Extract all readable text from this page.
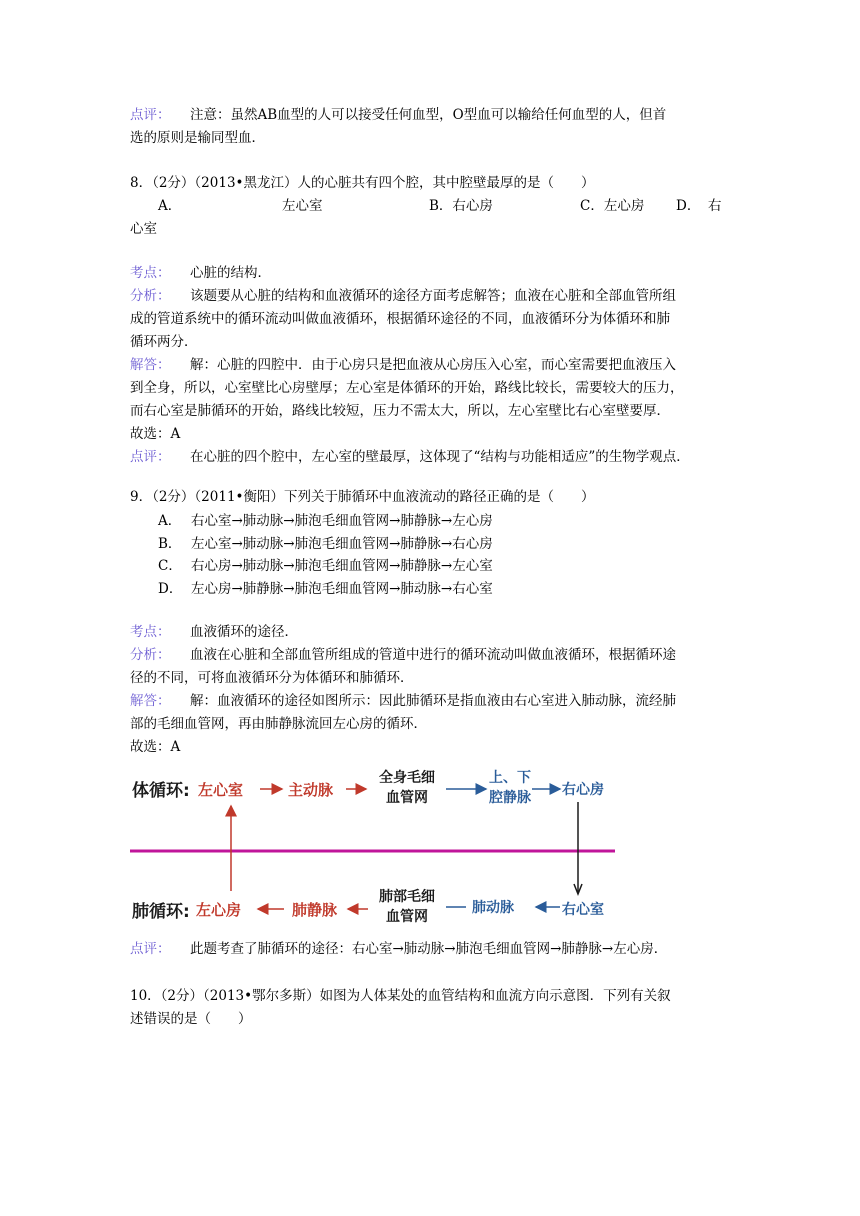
点评： 注意：虽然AB血型的人可以接受任何血型，O型血可以输给任何血型的人，但首
选的原则是输同型血．
8．（2分）（2013•黑龙江）人的心脏共有四个腔，其中腔壁最厚的是（　　）
A．	左心室	B．右心房	C．左心房 D． 右
心室
考点： 心脏的结构．
分析： 该题要从心脏的结构和血液循环的途径方面考虑解答；血液在心脏和全部血管所组
成的管道系统中的循环流动叫做血液循环，根据循环途径的不同，血液循环分为体循环和肺
循环两分．
解答： 解：心脏的四腔中．由于心房只是把血液从心房压入心室，而心室需要把血液压入
到全身，所以，心室壁比心房壁厚；左心室是体循环的开始，路线比较长，需要较大的压力，
而右心室是肺循环的开始，路线比较短，压力不需太大，所以，左心室壁比右心室壁要厚．
故选：A
点评： 在心脏的四个腔中，左心室的壁最厚，这体现了“结构与功能相适应”的生物学观点．
9．（2分）（2011•衡阳）下列关于肺循环中血液流动的路径正确的是（　　）
A． 右心室→肺动脉→肺泡毛细血管网→肺静脉→左心房
B． 左心室→肺动脉→肺泡毛细血管网→肺静脉→右心房
C． 右心房→肺动脉→肺泡毛细血管网→肺静脉→左心室
D． 左心房→肺静脉→肺泡毛细血管网→肺动脉→右心室
考点： 血液循环的途径．
分析： 血液在心脏和全部血管所组成的管道中进行的循环流动叫做血液循环，根据循环途
径的不同，可将血液循环分为体循环和肺循环．
解答： 解：血液循环的途径如图所示：因此肺循环是指血液由右心室进入肺动脉，流经肺
部的毛细血管网，再由肺静脉流回左心房的循环．
故选：A
体循环: 左心室	主动脉
全身毛细
血管网
上、下
腔静脉 右心房
肺循环: 左心房	肺静脉
肺部毛细
血管网
肺动脉	右心室
点评： 此题考查了肺循环的途径：右心室→肺动脉→肺泡毛细血管网→肺静脉→左心房．
10．（2分）（2013•鄂尔多斯）如图为人体某处的血管结构和血流方向示意图．下列有关叙
述错误的是（　　）
